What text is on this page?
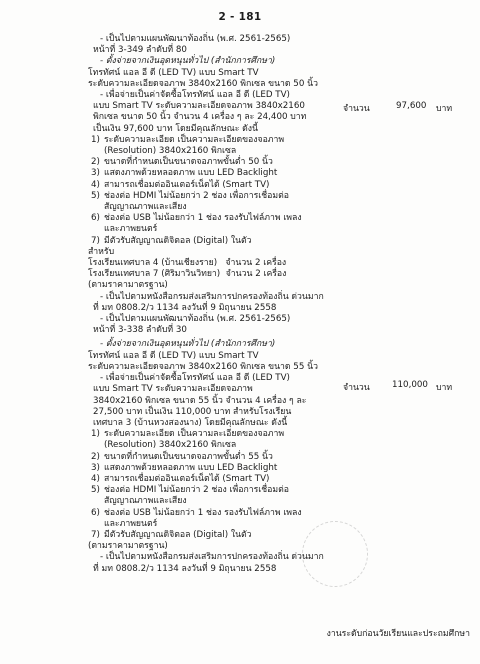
2 - 181
- เป็นไปตามแผนพัฒนาท้องถิ่น (พ.ศ. 2561-2565)
หน้าที่ 3-349 ลำดับที่ 80
- ตั้งจ่ายจากเงินอุดหนุนทั่วไป (สำนักการศึกษา)
โทรทัศน์ แอล อี ดี (LED TV) แบบ Smart TV
ระดับความละเอียดจอภาพ 3840x2160 พิกเซล ขนาด 50 นิ้ว
- เพื่อจ่ายเป็นค่าจัดซื้อโทรทัศน์ แอล อี ดี (LED TV)
แบบ Smart TV ระดับความละเอียดจอภาพ 3840x2160
พิกเซล ขนาด 50 นิ้ว จำนวน 4 เครื่อง ๆ ละ 24,400 บาท
เป็นเงิน 97,600 บาท โดยมีคุณลักษณะ ดังนี้
1) ระดับความละเอียด เป็นความละเอียดของจอภาพ
(Resolution) 3840x2160 พิกเซล
2) ขนาดที่กำหนดเป็นขนาดจอภาพขั้นต่ำ 50 นิ้ว
3) แสดงภาพด้วยหลอดภาพ แบบ LED Backlight
4) สามารถเชื่อมต่ออินเตอร์เน็ตได้ (Smart TV)
5) ช่องต่อ HDMI ไม่น้อยกว่า 2 ช่อง เพื่อการเชื่อมต่อ
สัญญาณภาพและเสียง
6) ช่องต่อ USB ไม่น้อยกว่า 1 ช่อง รองรับไฟล์ภาพ เพลง
และภาพยนตร์
7) มีตัวรับสัญญาณดิจิตอล (Digital) ในตัว
สำหรับ
โรงเรียนเทศบาล 4 (บ้านเชียงราย) จำนวน 2 เครื่อง
โรงเรียนเทศบาล 7 (ศิริมาวินวิทยา) จำนวน 2 เครื่อง
(ตามราคามาตรฐาน)
- เป็นไปตามหนังสือกรมส่งเสริมการปกครองท้องถิ่น ด่วนมาก
ที่ มท 0808.2/ว 1134 ลงวันที่ 9 มิถุนายน 2558
- เป็นไปตามแผนพัฒนาท้องถิ่น (พ.ศ. 2561-2565)
หน้าที่ 3-338 ลำดับที่ 30
- ตั้งจ่ายจากเงินอุดหนุนทั่วไป (สำนักการศึกษา)
โทรทัศน์ แอล อี ดี (LED TV) แบบ Smart TV
ระดับความละเอียดจอภาพ 3840x2160 พิกเซล ขนาด 55 นิ้ว
- เพื่อจ่ายเป็นค่าจัดซื้อโทรทัศน์ แอล อี ดี (LED TV)
แบบ Smart TV ระดับความละเอียดจอภาพ
3840x2160 พิกเซล ขนาด 55 นิ้ว จำนวน 4 เครื่อง ๆ ละ
27,500 บาท เป็นเงิน 110,000 บาท สำหรับโรงเรียน
เทศบาล 3 (บ้านหวงสองนาง) โดยมีคุณลักษณะ ดังนี้
1) ระดับความละเอียด เป็นความละเอียดของจอภาพ
(Resolution) 3840x2160 พิกเซล
2) ขนาดที่กำหนดเป็นขนาดจอภาพขั้นต่ำ 55 นิ้ว
3) แสดงภาพด้วยหลอดภาพ แบบ LED Backlight
4) สามารถเชื่อมต่ออินเตอร์เน็ตได้ (Smart TV)
5) ช่องต่อ HDMI ไม่น้อยกว่า 2 ช่อง เพื่อการเชื่อมต่อ
สัญญาณภาพและเสียง
6) ช่องต่อ USB ไม่น้อยกว่า 1 ช่อง รองรับไฟล์ภาพ เพลง
และภาพยนตร์
7) มีตัวรับสัญญาณดิจิตอล (Digital) ในตัว
(ตามราคามาตรฐาน)
- เป็นไปตามหนังสือกรมส่งเสริมการปกครองท้องถิ่น ด่วนมาก
ที่ มท 0808.2/ว 1134 ลงวันที่ 9 มิถุนายน 2558
จำนวน	97,600 บาท
จำนวน	110,000 บาท
งานระดับก่อนวัยเรียนและประถมศึกษา
